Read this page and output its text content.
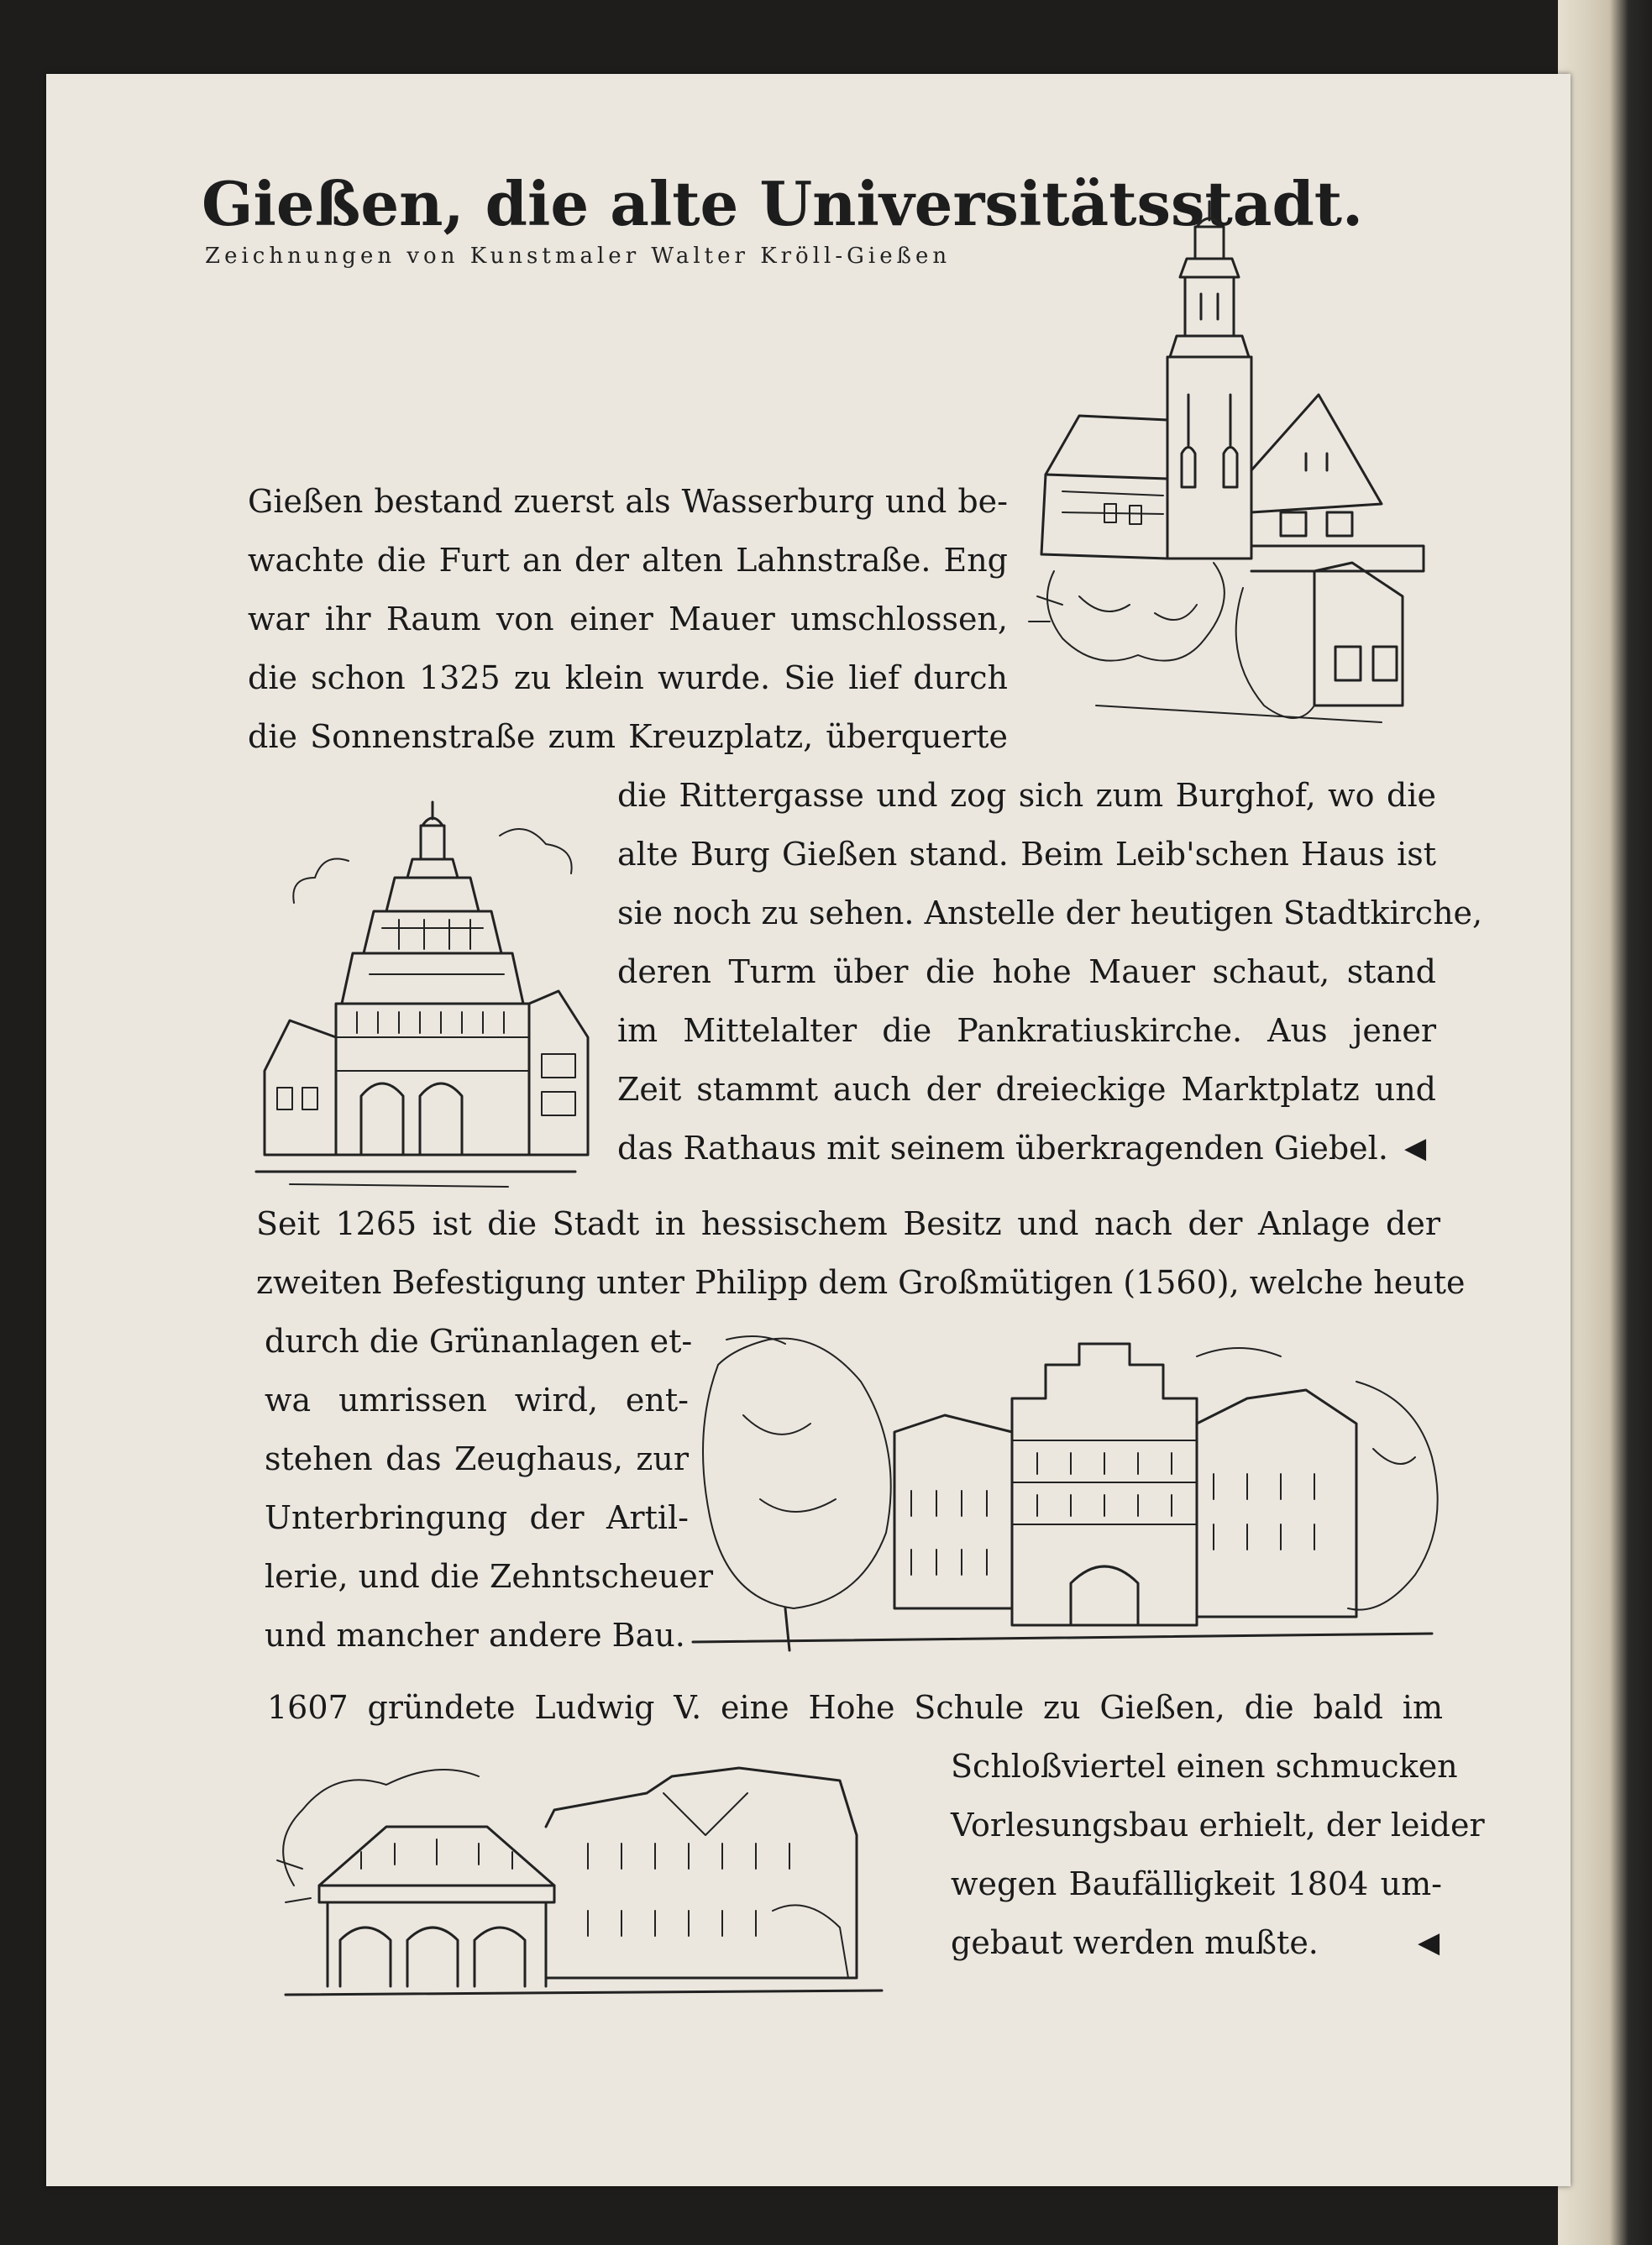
Gießen, die alte Universitätsstadt.
Zeichnungen von Kunstmaler Walter Kröll-Gießen
Gießen bestand zuerst als Wasserburg und be-
wachte die Furt an der alten Lahnstraße. Eng
war ihr Raum von einer Mauer umschlossen,
die schon 1325 zu klein wurde. Sie lief durch
die Sonnenstraße zum Kreuzplatz, überquerte
die Rittergasse und zog sich zum Burghof, wo die
alte Burg Gießen stand. Beim Leib'schen Haus ist
sie noch zu sehen. Anstelle der heutigen Stadtkirche,
deren Turm über die hohe Mauer schaut, stand
im Mittelalter die Pankratiuskirche. Aus jener
Zeit stammt auch der dreieckige Marktplatz und
das Rathaus mit seinem überkragenden Giebel. ◀
Seit 1265 ist die Stadt in hessischem Besitz und nach der Anlage der
zweiten Befestigung unter Philipp dem Großmütigen (1560), welche heute
durch die Grünanlagen et-
wa umrissen wird, ent-
stehen das Zeughaus, zur
Unterbringung der Artil-
lerie, und die Zehntscheuer
und mancher andere Bau.
1607 gründete Ludwig V. eine Hohe Schule zu Gießen, die bald im
Schloßviertel einen schmucken
Vorlesungsbau erhielt, der leider
wegen Baufälligkeit 1804 um-
gebaut werden mußte.	◀
